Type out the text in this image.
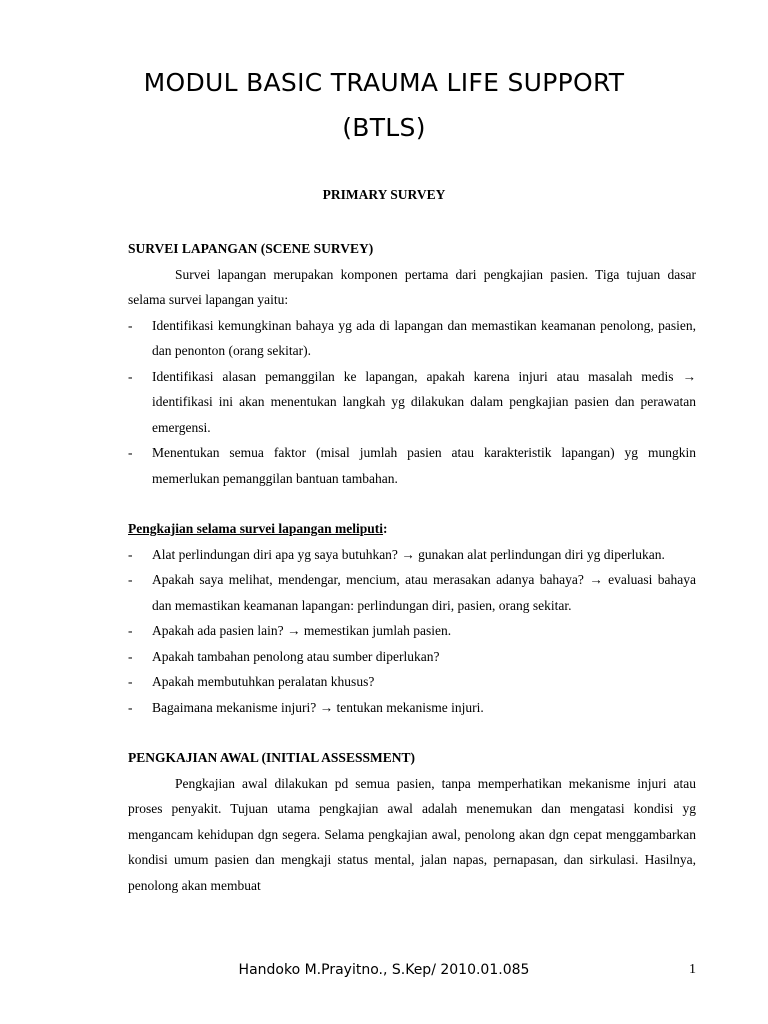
MODUL BASIC TRAUMA LIFE SUPPORT
(BTLS)
PRIMARY SURVEY
SURVEI LAPANGAN (SCENE SURVEY)
Survei lapangan merupakan komponen pertama dari pengkajian pasien. Tiga tujuan dasar selama survei lapangan yaitu:
- Identifikasi kemungkinan bahaya yg ada di lapangan dan memastikan keamanan penolong, pasien, dan penonton (orang sekitar).
- Identifikasi alasan pemanggilan ke lapangan, apakah karena injuri atau masalah medis → identifikasi ini akan menentukan langkah yg dilakukan dalam pengkajian pasien dan perawatan emergensi.
- Menentukan semua faktor (misal jumlah pasien atau karakteristik lapangan) yg mungkin memerlukan pemanggilan bantuan tambahan.
Pengkajian selama survei lapangan meliputi:
- Alat perlindungan diri apa yg saya butuhkan? → gunakan alat perlindungan diri yg diperlukan.
- Apakah saya melihat, mendengar, mencium, atau merasakan adanya bahaya? → evaluasi bahaya dan memastikan keamanan lapangan: perlindungan diri, pasien, orang sekitar.
- Apakah ada pasien lain? → memestikan jumlah pasien.
- Apakah tambahan penolong atau sumber diperlukan?
- Apakah membutuhkan peralatan khusus?
- Bagaimana mekanisme injuri? → tentukan mekanisme injuri.
PENGKAJIAN AWAL (INITIAL ASSESSMENT)
Pengkajian awal dilakukan pd semua pasien, tanpa memperhatikan mekanisme injuri atau proses penyakit. Tujuan utama pengkajian awal adalah menemukan dan mengatasi kondisi yg mengancam kehidupan dgn segera. Selama pengkajian awal, penolong akan dgn cepat menggambarkan kondisi umum pasien dan mengkaji status mental, jalan napas, pernapasan, dan sirkulasi. Hasilnya, penolong akan membuat
Handoko M.Prayitno., S.Kep/ 2010.01.085	1
